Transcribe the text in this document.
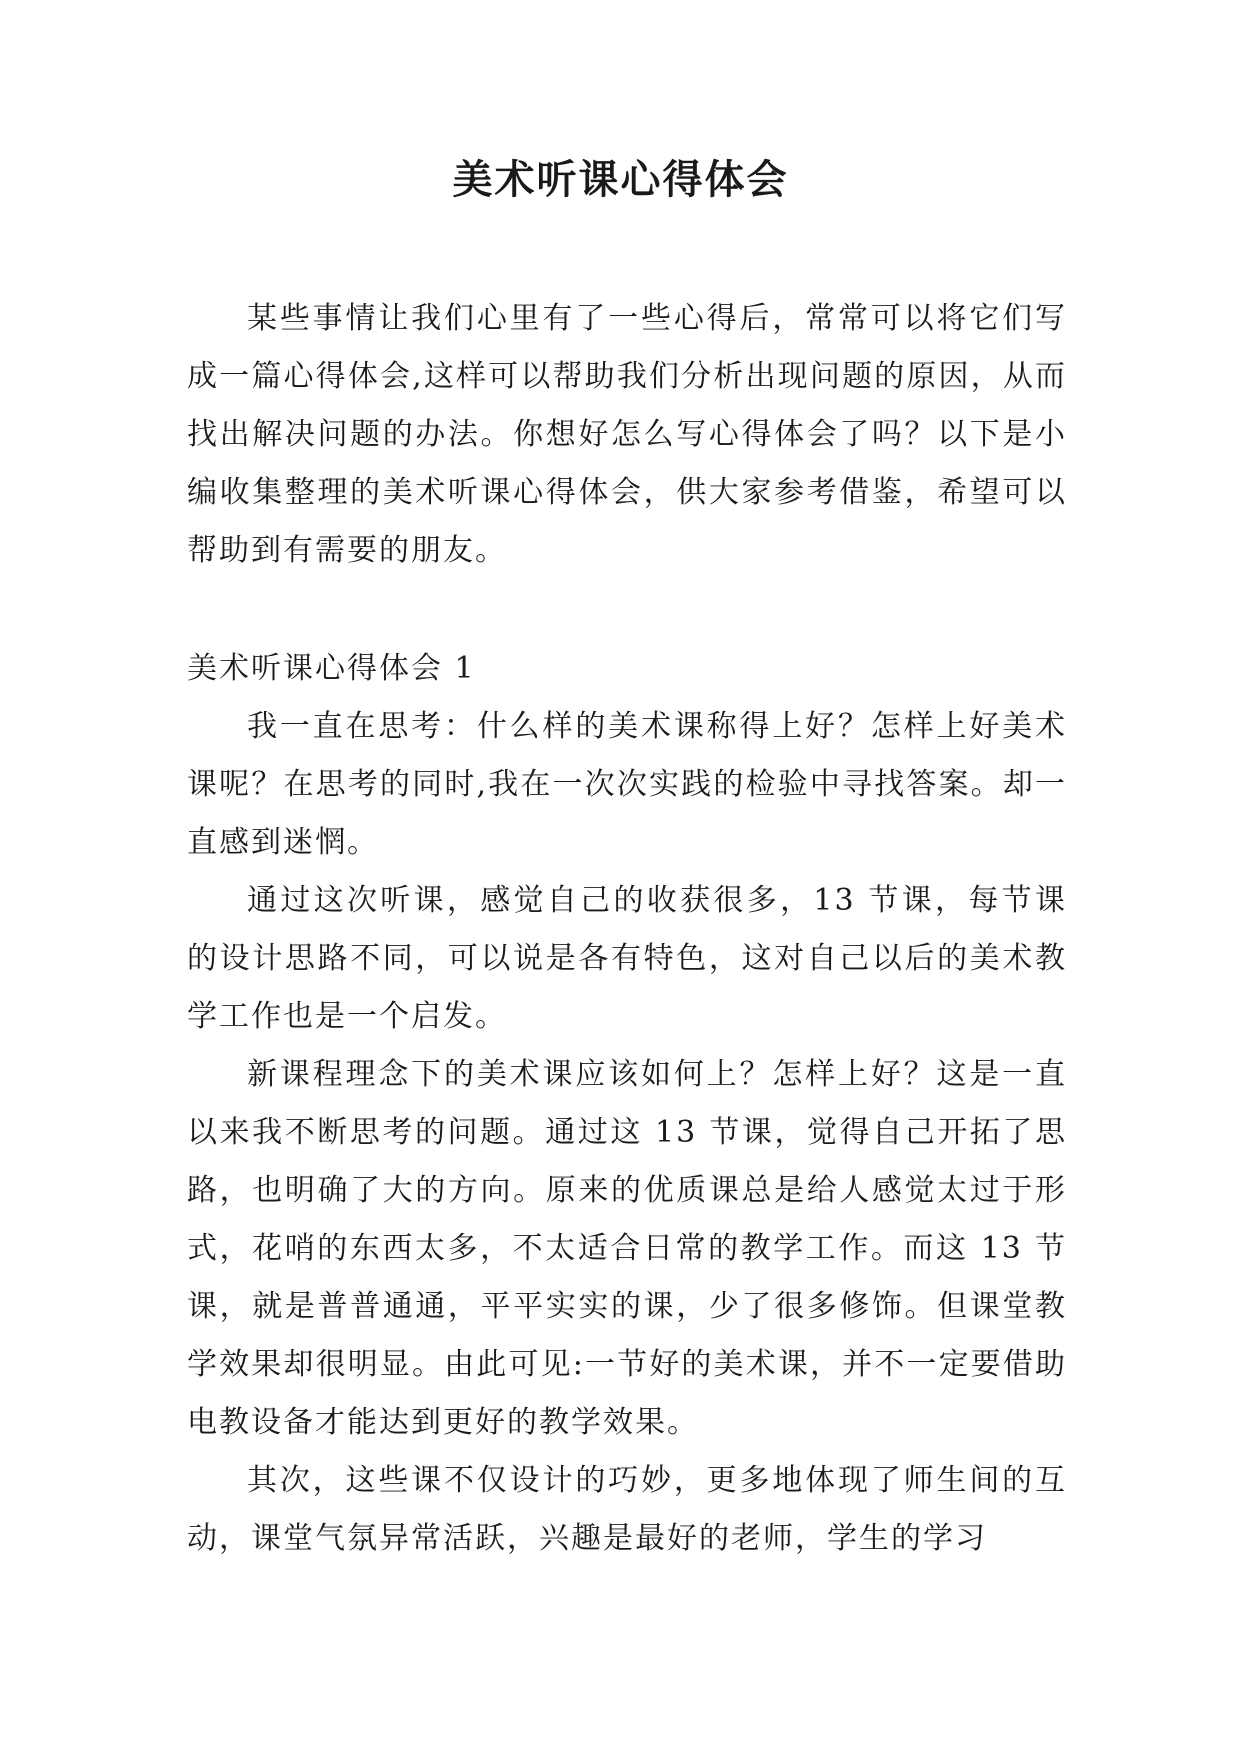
美术听课心得体会

某些事情让我们心里有了一些心得后，常常可以将它们写成一篇心得体会,这样可以帮助我们分析出现问题的原因，从而找出解决问题的办法。你想好怎么写心得体会了吗？以下是小编收集整理的美术听课心得体会，供大家参考借鉴，希望可以帮助到有需要的朋友。

美术听课心得体会 1

我一直在思考：什么样的美术课称得上好？怎样上好美术课呢？在思考的同时,我在一次次实践的检验中寻找答案。却一直感到迷惘。

通过这次听课，感觉自己的收获很多，13 节课，每节课的设计思路不同，可以说是各有特色，这对自己以后的美术教学工作也是一个启发。

新课程理念下的美术课应该如何上？怎样上好？这是一直以来我不断思考的问题。通过这 13 节课，觉得自己开拓了思路，也明确了大的方向。原来的优质课总是给人感觉太过于形式，花哨的东西太多，不太适合日常的教学工作。而这 13 节课，就是普普通通，平平实实的课，少了很多修饰。但课堂教学效果却很明显。由此可见:一节好的美术课，并不一定要借助电教设备才能达到更好的教学效果。

其次，这些课不仅设计的巧妙，更多地体现了师生间的互动，课堂气氛异常活跃，兴趣是最好的老师，学生的学习
